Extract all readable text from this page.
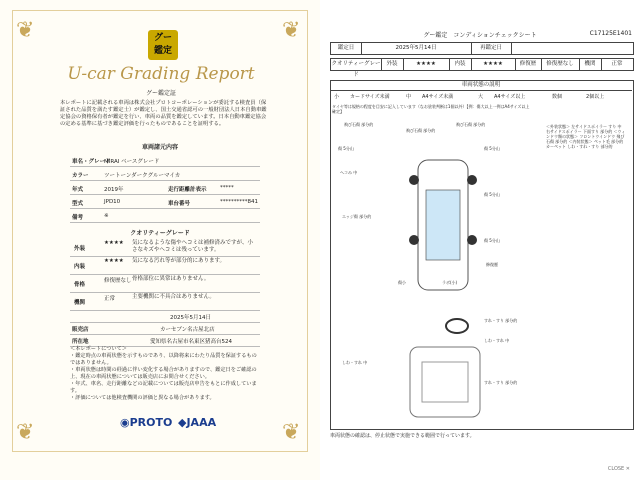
❦	❦
❦	❦
グー
鑑定
U-car Grading Report
グー鑑定証
本レポートに記載される車両は株式会社プロトコーポレーションが委託する検査員（保証された品質を満たす鑑定士）が鑑定し、国土交通省認可の一般財団法人日本自動車鑑定協会の資格保有者が鑑定を行い、車両の品質を鑑定しています。日本自動車鑑定協会の定める基準に基づき鑑定評価を行ったものであることを証明する。
車両諸元内容
車名・グレード
MIRAI ベースグレード
カラー	ツートーンダークグルーマイカ
年式	2019年	走行距離計表示 *****
型式	JPD10	車台番号	**********841
備考	※
クオリティーグレード
外装
★★★★ 気になるような傷やヘコミは補修済みですが、小さなキズやヘコミは残っています。
内装
★★★★ 気になる汚れ等が部分的にあります。
骨格
修復歴なし 骨格部位に異常はありません。
機関
正常	主要機関に不具合はありません。
2025年5月14日
販売店	カーセブン名古屋北店
所在地	愛知県名古屋市名東区猪高台524
＜本レポートについて＞
・鑑定時点の車両状態を示すものであり、以降将来にわたり品質を保証するものではありません。
・車両状態は時間の経過に伴い変化する場合がありますので、鑑定日をご確認の上、現在の車両状態については販売店にお問合せください。
・年式、車名、走行距離などの記載については販売店申告をもとに作成しています。
・評価については他検査機関の評価と異なる場合があります。
◉PROTO ◆JAAA
グー鑑定　コンディションチェックシート	C17125E1401
鑑定日	2025年5月14日	再鑑定日
クオリティーグレード
外装	★★★★	内装	★★★★	修復歴	修復歴なし	機関	正常
車両状態の説明
小 カードサイズ未満	中 A4サイズ未満	大 A4サイズ以上	数個	2個以上
タイヤ等は規格の程度を目安に記入しています（なお塗装判断は1個以外）【例：傷大以上一例はA4サイズ以上確定】
飛び石傷 部分的
飛び石傷 部分的
飛び石傷 部分的
傷 5分山
ヘコみ 中
傷 5分山
エッジ傷 部分的
傷 5分山
傷 5分山
修復歴
傷小	ラボ(小)
すれ・すり 部分的
しわ・すれ 中
しわ・すれ 中
すれ・すり 部分的
＜外装状態＞ 左サイドスポイラー すり 中 右サイドスポイラー 下面すり 部分的 ＜ウィンドウ類の状態＞ フロントウインドウ 飛び石傷 部分的 ＜内装状態＞ ペット毛 部分的 カーペット しわ・すれ・すり 部分的
車両状態の確認は、停止状態で実施できる範囲で行っています。
CLOSE ✕
